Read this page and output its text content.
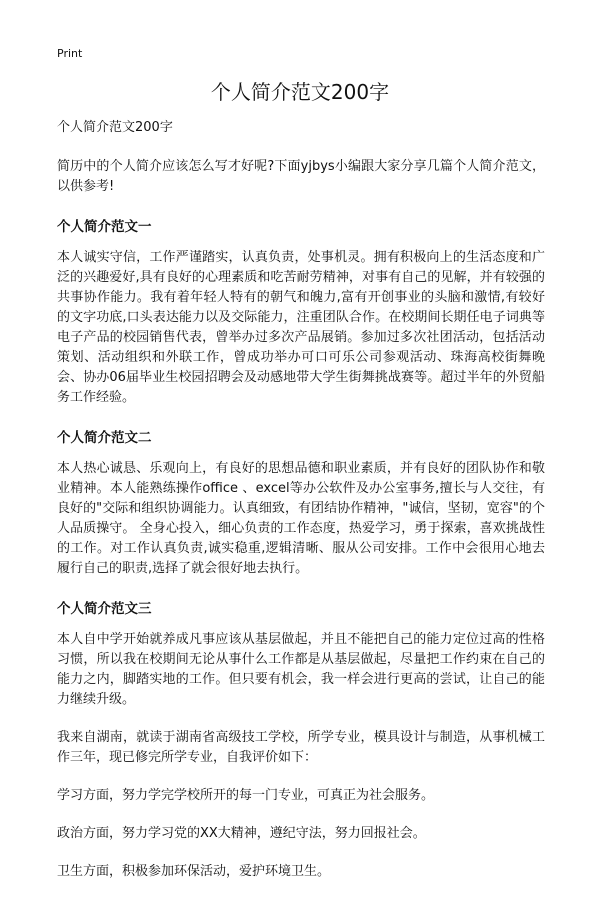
Print
个人简介范文200字

个人简介范文200字

简历中的个人简介应该怎么写才好呢?下面yjbys小编跟大家分享几篇个人简介范文，以供参考!

个人简介范文一

本人诚实守信，工作严谨踏实，认真负责，处事机灵。拥有积极向上的生活态度和广泛的兴趣爱好,具有良好的心理素质和吃苦耐劳精神，对事有自己的见解，并有较强的共事协作能力。我有着年轻人特有的朝气和魄力,富有开创事业的头脑和激情,有较好的文字功底,口头表达能力以及交际能力，注重团队合作。在校期间长期任电子词典等电子产品的校园销售代表，曾举办过多次产品展销。参加过多次社团活动，包括活动策划、活动组织和外联工作，曾成功举办可口可乐公司参观活动、珠海高校街舞晚会、协办06届毕业生校园招聘会及动感地带大学生街舞挑战赛等。超过半年的外贸船务工作经验。

个人简介范文二

本人热心诚恳、乐观向上，有良好的思想品德和职业素质，并有良好的团队协作和敬业精神。本人能熟练操作office 、excel等办公软件及办公室事务,擅长与人交往，有良好的"交际和组织协调能力。认真细致，有团结协作精神，"诚信，坚韧，宽容"的个人品质操守。 全身心投入，细心负责的工作态度，热爱学习，勇于探索，喜欢挑战性的工作。对工作认真负责,诚实稳重,逻辑清晰、服从公司安排。工作中会很用心地去履行自己的职责,选择了就会很好地去执行。

个人简介范文三

本人自中学开始就养成凡事应该从基层做起，并且不能把自己的能力定位过高的性格习惯，所以我在校期间无论从事什么工作都是从基层做起，尽量把工作约束在自己的能力之内，脚踏实地的工作。但只要有机会，我一样会进行更高的尝试，让自己的能力继续升级。

我来自湖南，就读于湖南省高级技工学校，所学专业，模具设计与制造，从事机械工作三年，现已修完所学专业，自我评价如下：

学习方面，努力学完学校所开的每一门专业，可真正为社会服务。

政治方面，努力学习党的XX大精神，遵纪守法，努力回报社会。

卫生方面，积极参加环保活动，爱护环境卫生。
